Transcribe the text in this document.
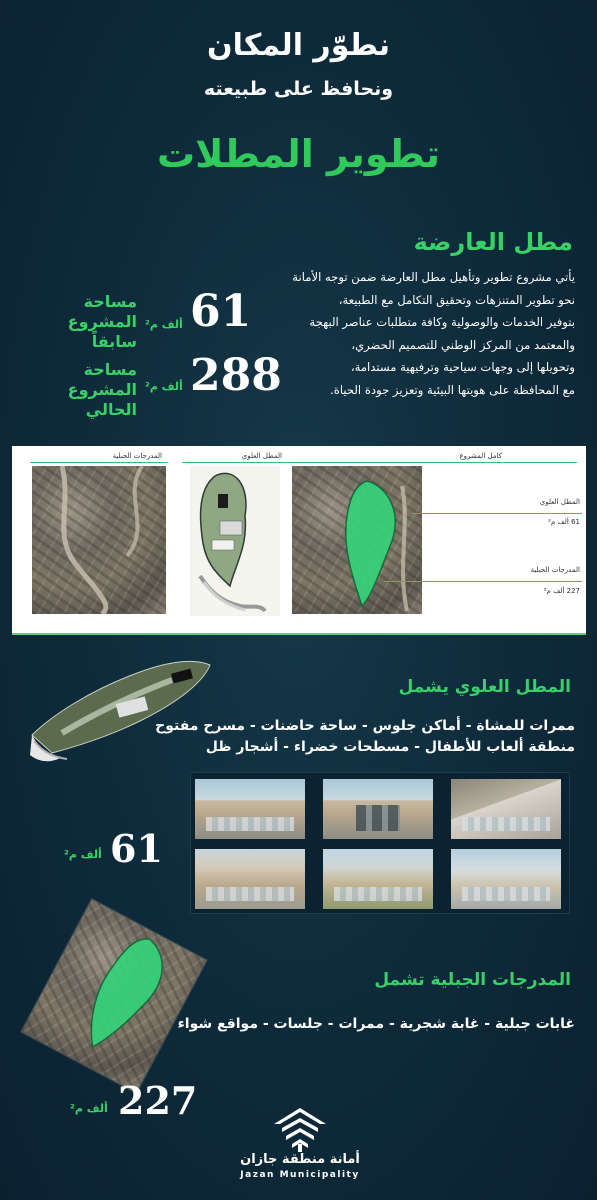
نطوّر المكان
ونحافظ على طبيعته
تطوير المطلات
مطل العارضة
يأتي مشروع تطوير وتأهيل مطل العارضة ضمن توجه الأمانة
نحو تطوير المتنزهات وتحقيق التكامل مع الطبيعة،
بتوفير الخدمات والوصولية وكافة متطلبات عناصر البهجة
والمعتمد من المركز الوطني للتصميم الحضري،
وتحويلها إلى وجهات سياحية وترفيهية مستدامة،
مع المحافظة على هويتها البيئية وتعزيز جودة الحياة.
61
ألف م²
مساحة
المشروع سابقاً
288
ألف م²
مساحة
المشروع الحالي
المدرجات الجبلية	المطل العلوي	كامل المشروع
المطل العلوي
61 ألف م²
المدرجات الجبلية
227 ألف م²
المطل العلوي يشمل
ممرات للمشاة - أماكن جلوس - ساحة حاضنات - مسرح مفتوح
منطقة ألعاب للأطفال - مسطحات خضراء - أشجار ظل
61
ألف م²
المدرجات الجبلية تشمل
غابات جبلية - غابة شجرية - ممرات - جلسات - مواقع شواء
227
ألف م²
أمانة منطقة جازان
Jazan Municipality
